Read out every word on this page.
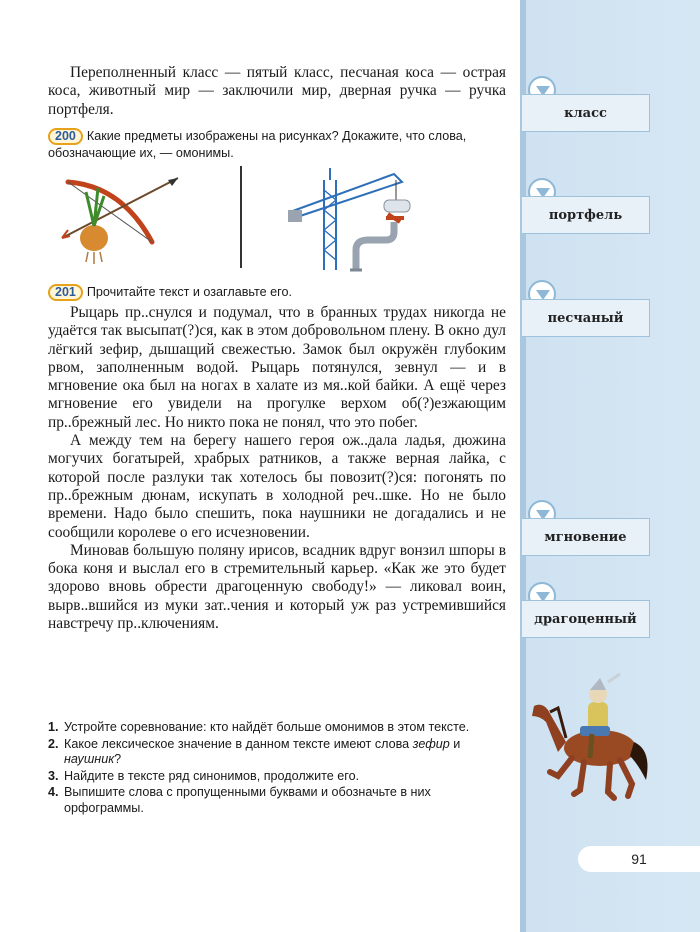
класс
портфель
песчаный
мгновение
драгоценный
91

Переполненный класс — пятый класс, песчаная коса — острая коса, животный мир — заключили мир, дверная ручка — ручка портфеля.

200 Какие предметы изображены на рисунках? Докажите, что слова, обозначающие их, — омонимы.
201 Прочитайте текст и озаглавьте его.

Рыцарь пр..снулся и подумал, что в бранных трудах никогда не удаётся так высыпат(?)ся, как в этом добровольном плену. В окно дул лёгкий зефир, дышащий свежестью. Замок был окружён глубоким рвом, заполненным водой. Рыцарь потянулся, зевнул — и в мгновение ока был на ногах в халате из мя..кой байки. А ещё через мгновение его увидели на прогулке верхом об(?)езжающим пр..брежный лес. Но никто пока не понял, что это побег.

А между тем на берегу нашего героя ож..дала ладья, дюжина могучих богатырей, храбрых ратников, а также верная лайка, с которой после разлуки так хотелось бы повозит(?)ся: погонять по пр..брежным дюнам, искупать в холодной реч..шке. Но не было времени. Надо было спешить, пока наушники не догадались и не сообщили королеве о его исчезновении.

Миновав большую поляну ирисов, всадник вдруг вонзил шпоры в бока коня и выслал его в стремительный карьер. «Как же это будет здорово вновь обрести драгоценную свободу!» — ликовал воин, вырв..вшийся из муки зат..чения и который уж раз устремившийся навстречу пр..ключениям.

1. Устройте соревнование: кто найдёт больше омонимов в этом тексте.
2. Какое лексическое значение в данном тексте имеют слова зефир и наушник?
3. Найдите в тексте ряд синонимов, продолжите его.
4. Выпишите слова с пропущенными буквами и обозначьте в них орфограммы.
